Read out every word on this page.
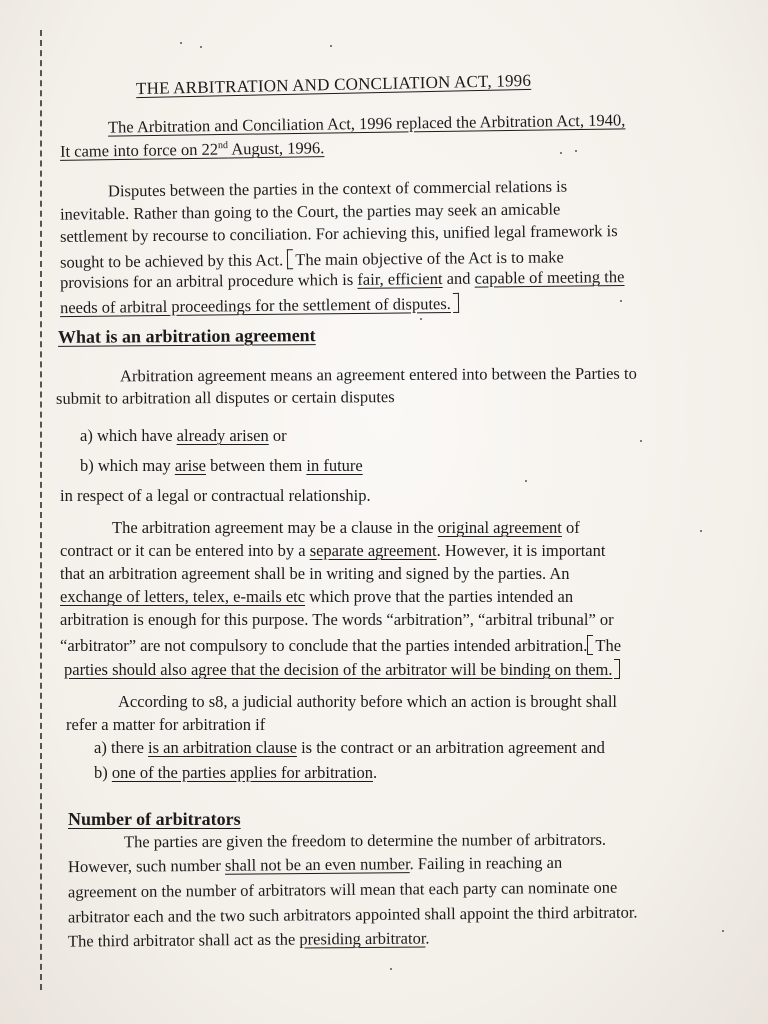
THE ARBITRATION AND CONCLIATION ACT, 1996
The Arbitration and Conciliation Act, 1996 replaced the Arbitration Act, 1940,
It came into force on 22nd August, 1996.
Disputes between the parties in the context of commercial relations is
inevitable. Rather than going to the Court, the parties may seek an amicable
settlement by recourse to conciliation. For achieving this, unified legal framework is
sought to be achieved by this Act. The main objective of the Act is to make
provisions for an arbitral procedure which is fair, efficient and capable of meeting the
needs of arbitral proceedings for the settlement of disputes.
What is an arbitration agreement
Arbitration agreement means an agreement entered into between the Parties to
submit to arbitration all disputes or certain disputes
a) which have already arisen or
b) which may arise between them in future
in respect of a legal or contractual relationship.
The arbitration agreement may be a clause in the original agreement of
contract or it can be entered into by a separate agreement. However, it is important
that an arbitration agreement shall be in writing and signed by the parties. An
exchange of letters, telex, e-mails etc which prove that the parties intended an
arbitration is enough for this purpose. The words “arbitration”, “arbitral tribunal” or
“arbitrator” are not compulsory to conclude that the parties intended arbitration. The
parties should also agree that the decision of the arbitrator will be binding on them.
According to s8, a judicial authority before which an action is brought shall
refer a matter for arbitration if
a) there is an arbitration clause is the contract or an arbitration agreement and
b) one of the parties applies for arbitration.
Number of arbitrators
The parties are given the freedom to determine the number of arbitrators.
However, such number shall not be an even number. Failing in reaching an
agreement on the number of arbitrators will mean that each party can nominate one
arbitrator each and the two such arbitrators appointed shall appoint the third arbitrator.
The third arbitrator shall act as the presiding arbitrator.
